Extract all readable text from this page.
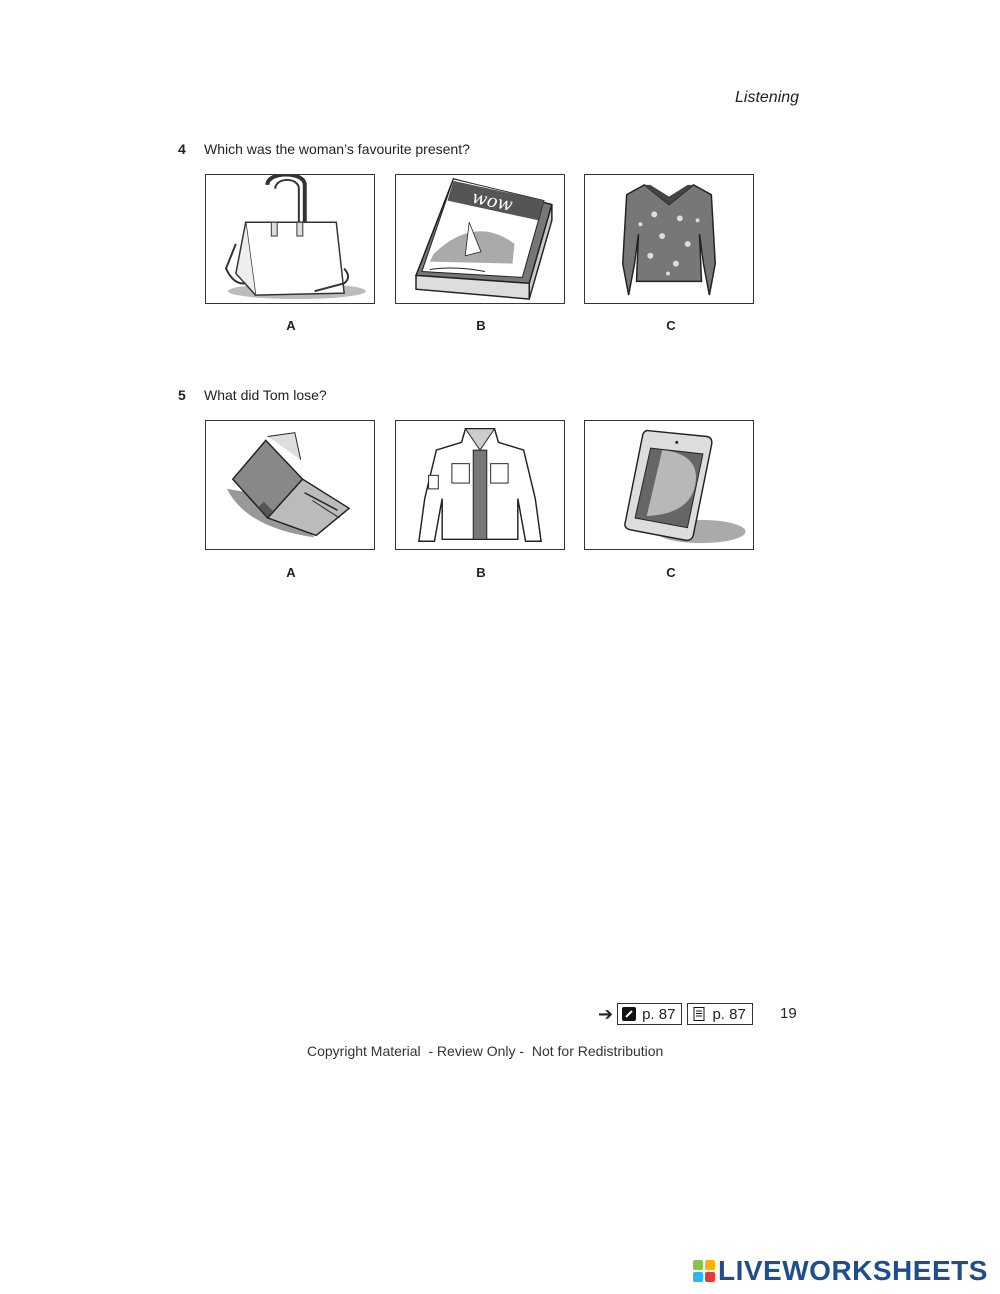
Listening
4 Which was the woman’s favourite present?
A
wow
B	C
5 What did Tom lose?
A	B	C
➔ p. 87 p. 87 19
Copyright Material  - Review Only -  Not for Redistribution
LIVEWORKSHEETS
